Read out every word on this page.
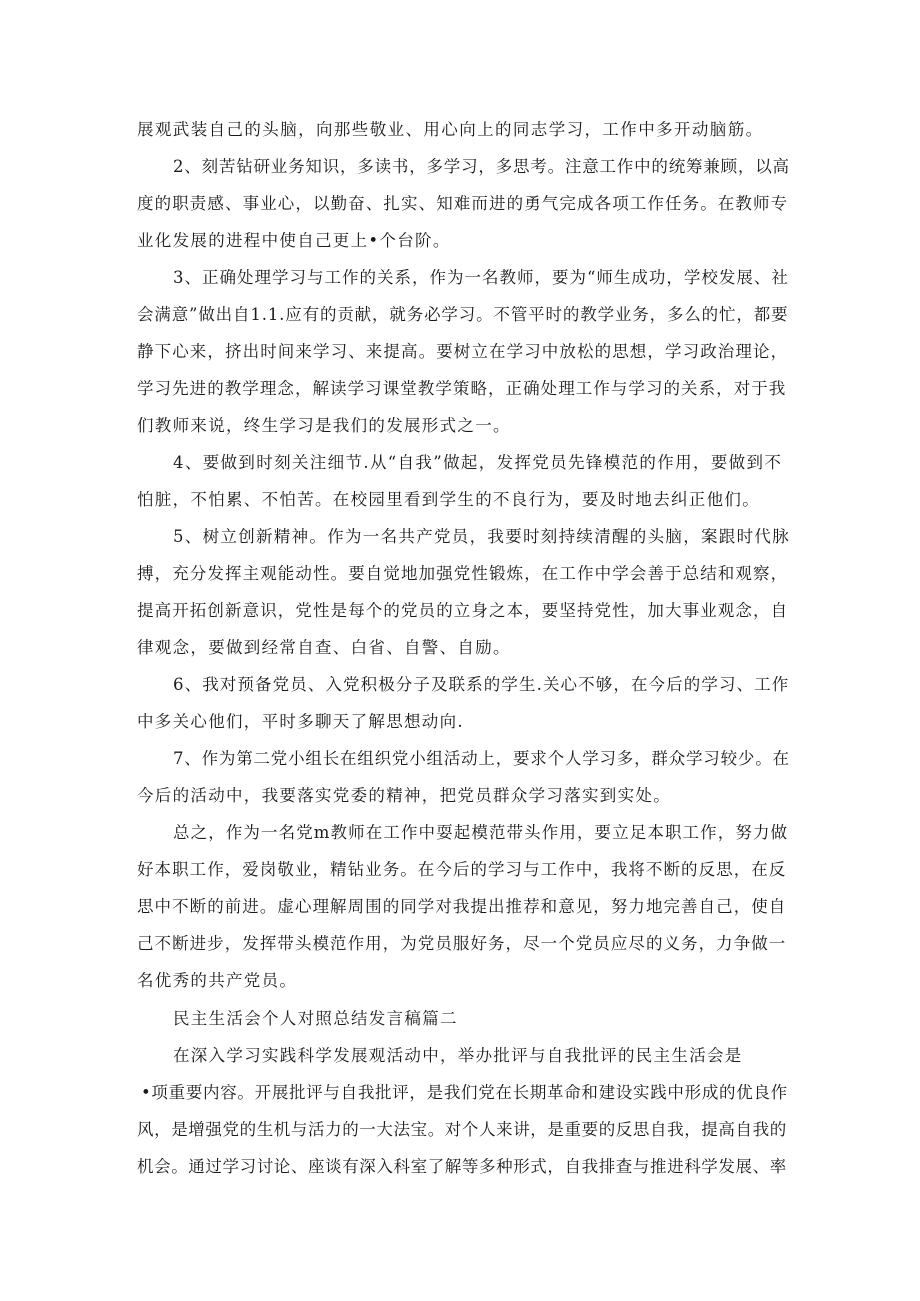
展观武装自己的头脑，向那些敬业、用心向上的同志学习，工作中多开动脑筋。

2、刻苦钻研业务知识，多读书，多学习，多思考。注意工作中的统筹兼顾，以高

度的职责感、事业心，以勤奋、扎实、知难而进的勇气完成各项工作任务。在教师专

业化发展的进程中使自己更上•个台阶。

3、正确处理学习与工作的关系，作为一名教师，要为“师生成功，学校发展、社

会满意”做出自1.1.应有的贡献，就务必学习。不管平时的教学业务，多么的忙，都要

静下心来，挤出时间来学习、来提高。要树立在学习中放松的思想，学习政治理论，

学习先进的教学理念，解读学习课堂教学策略，正确处理工作与学习的关系，对于我

们教师来说，终生学习是我们的发展形式之一。

4、要做到时刻关注细节.从“自我”做起，发挥党员先锋模范的作用，要做到不

怕脏，不怕累、不怕苦。在校园里看到学生的不良行为，要及时地去纠正他们。

5、树立创新精神。作为一名共产党员，我要时刻持续清醒的头脑，案跟时代脉

搏，充分发挥主观能动性。要自觉地加强党性锻炼，在工作中学会善于总结和观察，

提高开拓创新意识，党性是每个的党员的立身之本，要坚持党性，加大事业观念，自

律观念，要做到经常自查、白省、自警、自励。

6、我对预备党员、入党积极分子及联系的学生.关心不够，在今后的学习、工作

中多关心他们，平时多聊天了解思想动向.

7、作为第二党小组长在组织党小组活动上，要求个人学习多，群众学习较少。在

今后的活动中，我要落实党委的精神，把党员群众学习落实到实处。

总之，作为一名党m教师在工作中耍起模范带头作用，要立足本职工作，努力做

好本职工作，爱岗敬业，精钻业务。在今后的学习与工作中，我将不断的反思，在反

思中不断的前进。虚心理解周围的同学对我提出推荐和意见，努力地完善自己，使自

己不断进步，发挥带头模范作用，为党员服好务，尽一个党员应尽的义务，力争做一

名优秀的共产党员。

民主生活会个人对照总结发言稿篇二

在深入学习实践科学发展观活动中，举办批评与自我批评的民主生活会是

•项重要内容。开展批评与自我批评，是我们党在长期革命和建设实践中形成的优良作

风，是增强党的生机与活力的一大法宝。对个人来讲，是重要的反思自我，提高自我的

机会。通过学习讨论、座谈有深入科室了解等多种形式，自我排查与推进科学发展、率
